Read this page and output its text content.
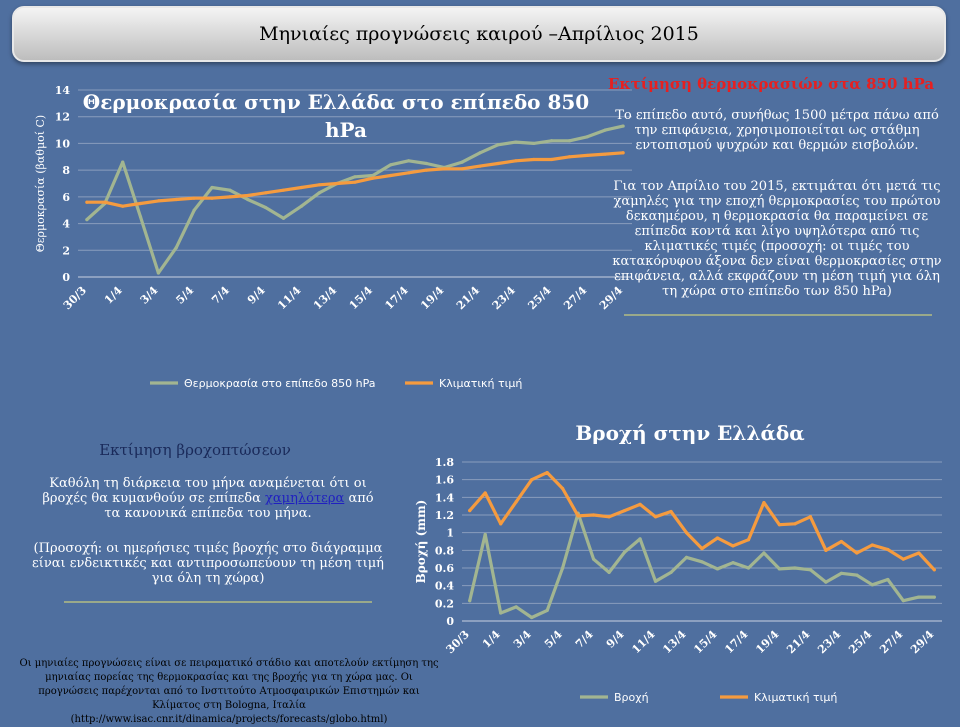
Μηνιαίες προγνώσεις καιρού –Απρίλιος 2015
0
2
4
6
8
10
12
14
30/3 1/4 3/4 5/4 7/4 9/4 11/4 13/4 15/4 17/4 19/4 21/4 23/4 25/4 27/4 29/4
Θερμοκρασία (βαθμοί C)
Θερμοκρασία στο επίπεδο 850 hPa	Κλιματική τιμή
0
0.2
0.4
0.6
0.8
1
1.2
1.4
1.6
1.8
30/3 1/4 3/4 5/4 7/4 9/4 11/4 13/4 15/4 17/4 19/4 21/4 23/4 25/4 27/4 29/4
Βροχή (mm)
Βροχή	Κλιματική τιμή
Θερμοκρασία στην Ελλάδα στο επίπεδο 850 hPa
Βροχή στην Ελλάδα
Εκτίμηση θερμοκρασιών στα 850 hPa
Το επίπεδο αυτό, συνήθως 1500 μέτρα πάνω από την επιφάνεια, χρησιμοποιείται ως στάθμη εντοπισμού ψυχρών και θερμών εισβολών.
Για τον Απρίλιο του 2015, εκτιμάται ότι μετά τις χαμηλές για την εποχή θερμοκρασίες του πρώτου δεκαημέρου, η θερμοκρασία θα παραμείνει σε επίπεδα κοντά και λίγο υψηλότερα από τις κλιματικές τιμές (προσοχή: οι τιμές του κατακόρυφου άξονα δεν είναι θερμοκρασίες στην επιφάνεια, αλλά εκφράζουν τη μέση τιμή για όλη τη χώρα στο επίπεδο των 850 hPa)
Εκτίμηση βροχοπτώσεων
Καθόλη τη διάρκεια του μήνα αναμένεται ότι οι βροχές θα κυμανθούν σε επίπεδα χαμηλότερα από τα κανονικά επίπεδα του μήνα.
(Προσοχή: οι ημερήσιες τιμές βροχής στο διάγραμμα είναι ενδεικτικές και αντιπροσωπεύουν τη μέση τιμή για όλη τη χώρα)
Οι μηνιαίες προγνώσεις είναι σε πειραματικό στάδιο και αποτελούν εκτίμηση της μηνιαίας πορείας της θερμοκρασίας και της βροχής για τη χώρα μας. Οι προγνώσεις παρέχονται από το Ινστιτούτο Ατμοσφαιρικών Επιστημών και Κλίματος στη Bologna, Ιταλία (http://www.isac.cnr.it/dinamica/projects/forecasts/globo.html)
